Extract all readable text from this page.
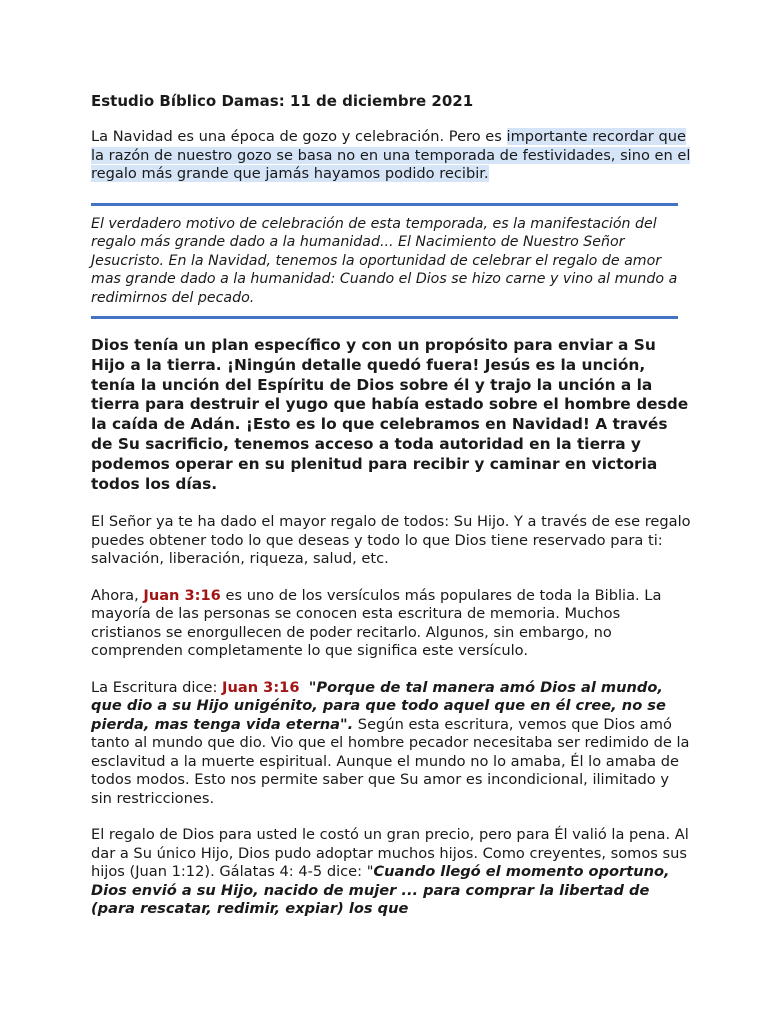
Estudio Bíblico Damas: 11 de diciembre 2021

La Navidad es una época de gozo y celebración. Pero es importante recordar que la razón de nuestro gozo se basa no en una temporada de festividades, sino en el regalo más grande que jamás hayamos podido recibir.

El verdadero motivo de celebración de esta temporada, es la manifestación del regalo más grande dado a la humanidad... El Nacimiento de Nuestro Señor Jesucristo. En la Navidad, tenemos la oportunidad de celebrar el regalo de amor mas grande dado a la humanidad: Cuando el Dios se hizo carne y vino al mundo a redimirnos del pecado.

Dios tenía un plan específico y con un propósito para enviar a Su Hijo a la tierra. ¡Ningún detalle quedó fuera! Jesús es la unción, tenía la unción del Espíritu de Dios sobre él y trajo la unción a la tierra para destruir el yugo que había estado sobre el hombre desde la caída de Adán. ¡Esto es lo que celebramos en Navidad! A través de Su sacrificio, tenemos acceso a toda autoridad en la tierra y podemos operar en su plenitud para recibir y caminar en victoria todos los días.

El Señor ya te ha dado el mayor regalo de todos: Su Hijo. Y a través de ese regalo puedes obtener todo lo que deseas y todo lo que Dios tiene reservado para ti: salvación, liberación, riqueza, salud, etc.

Ahora, Juan 3:16 es uno de los versículos más populares de toda la Biblia. La mayoría de las personas se conocen esta escritura de memoria. Muchos cristianos se enorgullecen de poder recitarlo. Algunos, sin embargo, no comprenden completamente lo que significa este versículo.

La Escritura dice: Juan 3:16 "Porque de tal manera amó Dios al mundo, que dio a su Hijo unigénito, para que todo aquel que en él cree, no se pierda, mas tenga vida eterna". Según esta escritura, vemos que Dios amó tanto al mundo que dio. Vio que el hombre pecador necesitaba ser redimido de la esclavitud a la muerte espiritual. Aunque el mundo no lo amaba, Él lo amaba de todos modos. Esto nos permite saber que Su amor es incondicional, ilimitado y sin restricciones.

El regalo de Dios para usted le costó un gran precio, pero para Él valió la pena. Al dar a Su único Hijo, Dios pudo adoptar muchos hijos. Como creyentes, somos sus hijos (Juan 1:12). Gálatas 4: 4-5 dice: "Cuando llegó el momento oportuno, Dios envió a su Hijo, nacido de mujer ... para comprar la libertad de (para rescatar, redimir, expiar) los que
